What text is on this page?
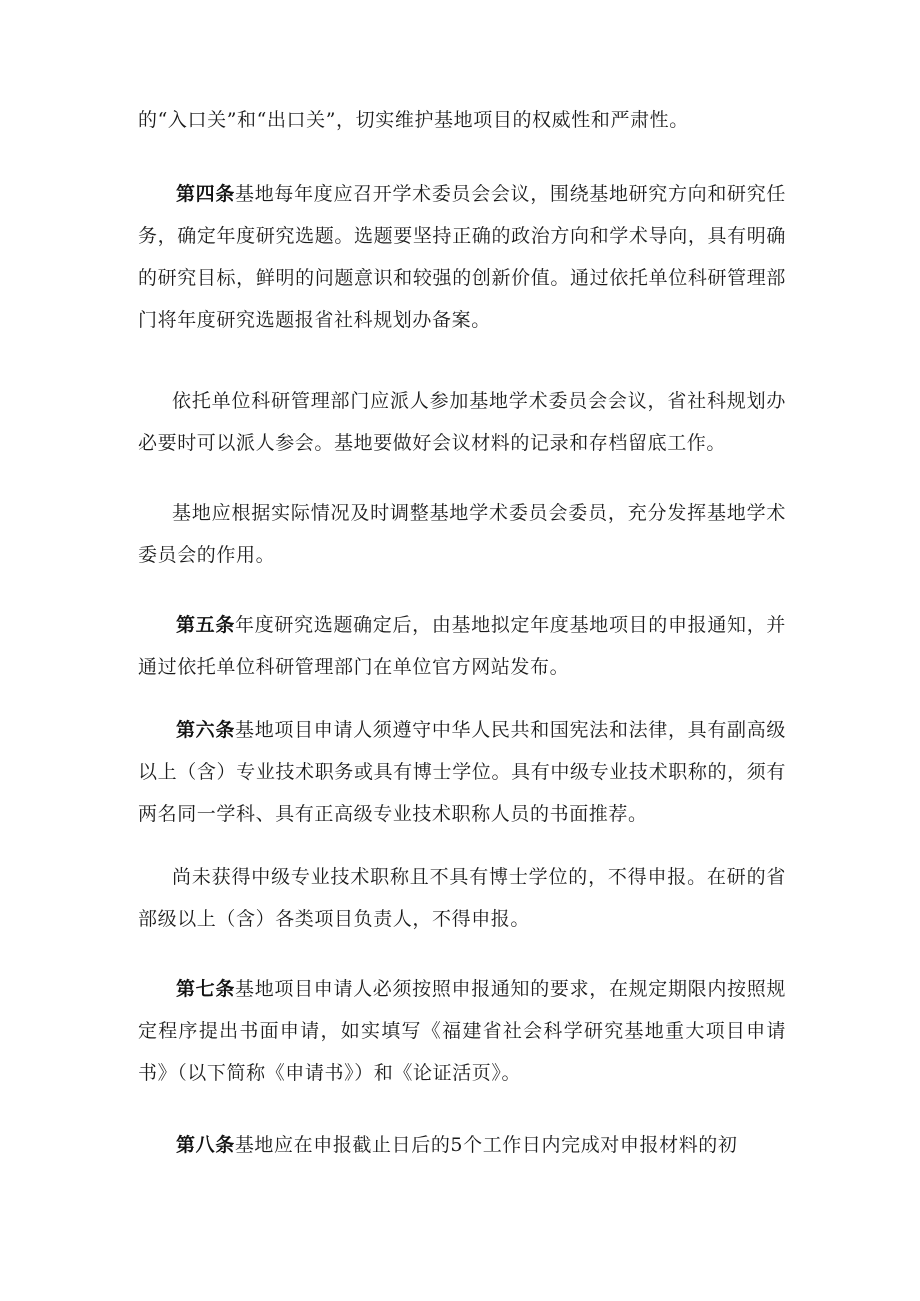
的“入口关”和“出口关”，切实维护基地项目的权威性和严肃性。

第四条基地每年度应召开学术委员会会议，围绕基地研究方向和研究任务，确定年度研究选题。选题要坚持正确的政治方向和学术导向，具有明确的研究目标，鲜明的问题意识和较强的创新价值。通过依托单位科研管理部门将年度研究选题报省社科规划办备案。

依托单位科研管理部门应派人参加基地学术委员会会议，省社科规划办必要时可以派人参会。基地要做好会议材料的记录和存档留底工作。

基地应根据实际情况及时调整基地学术委员会委员，充分发挥基地学术委员会的作用。

第五条年度研究选题确定后，由基地拟定年度基地项目的申报通知，并通过依托单位科研管理部门在单位官方网站发布。

第六条基地项目申请人须遵守中华人民共和国宪法和法律，具有副高级以上（含）专业技术职务或具有博士学位。具有中级专业技术职称的，须有两名同一学科、具有正高级专业技术职称人员的书面推荐。

尚未获得中级专业技术职称且不具有博士学位的，不得申报。在研的省部级以上（含）各类项目负责人，不得申报。

第七条基地项目申请人必须按照申报通知的要求，在规定期限内按照规定程序提出书面申请，如实填写《福建省社会科学研究基地重大项目申请书》（以下简称《申请书》）和《论证活页》。

第八条基地应在申报截止日后的5个工作日内完成对申报材料的初
